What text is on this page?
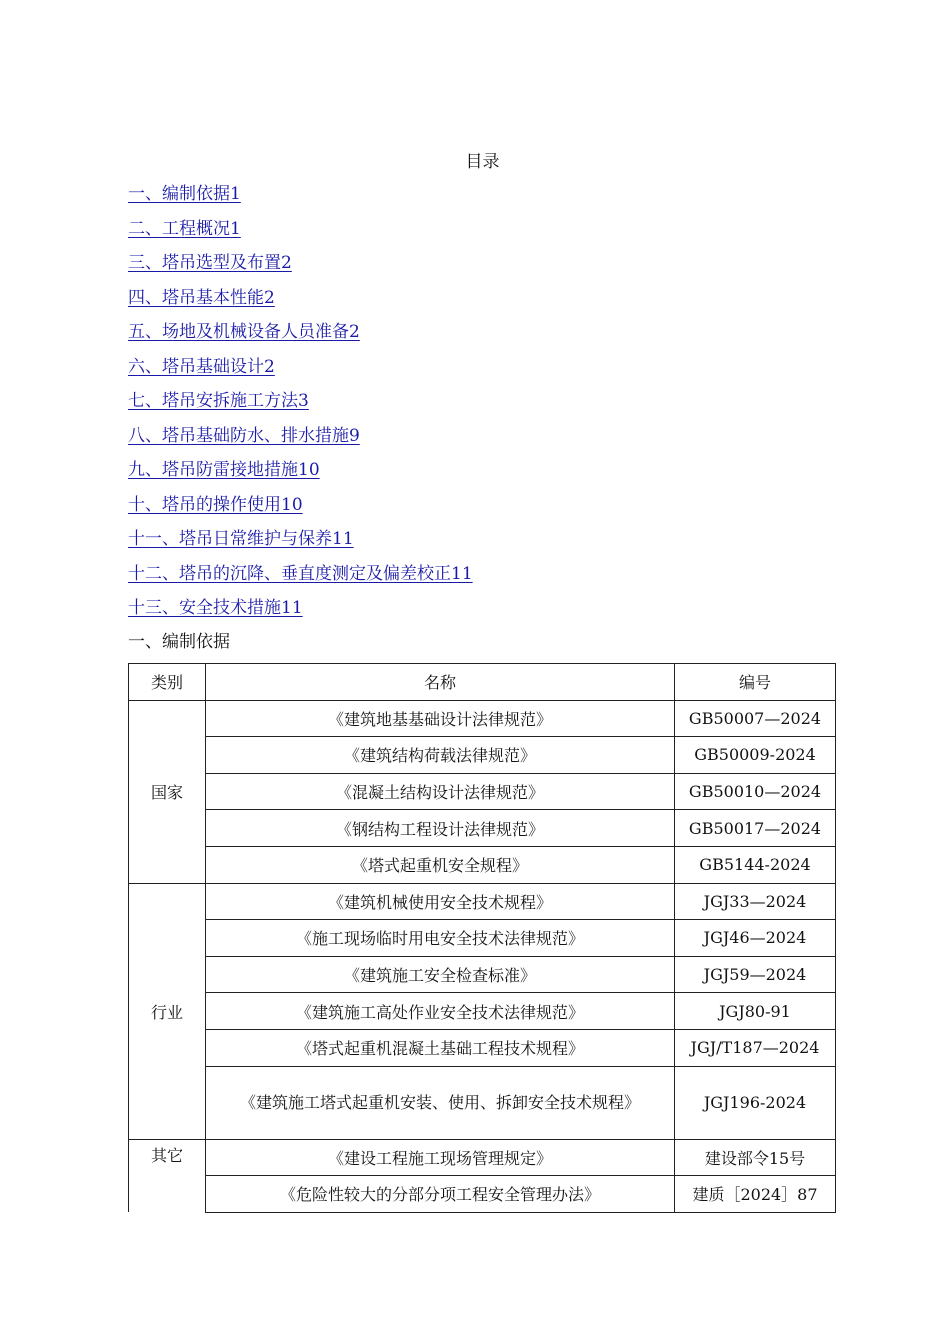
目录
一、编制依据1
二、工程概况1
三、塔吊选型及布置2
四、塔吊基本性能2
五、场地及机械设备人员准备2
六、塔吊基础设计2
七、塔吊安拆施工方法3
八、塔吊基础防水、排水措施9
九、塔吊防雷接地措施10
十、塔吊的操作使用10
十一、塔吊日常维护与保养11
十二、塔吊的沉降、垂直度测定及偏差校正11
十三、安全技术措施11
一、编制依据
类别	名称	编号
国家	《建筑地基基础设计法律规范》	GB50007—2024
	《建筑结构荷载法律规范》	GB50009-2024
	《混凝土结构设计法律规范》	GB50010—2024
	《钢结构工程设计法律规范》	GB50017—2024
	《塔式起重机安全规程》	GB5144-2024
行业	《建筑机械使用安全技术规程》	JGJ33—2024
	《施工现场临时用电安全技术法律规范》	JGJ46—2024
	《建筑施工安全检查标准》	JGJ59—2024
	《建筑施工高处作业安全技术法律规范》	JGJ80-91
	《塔式起重机混凝土基础工程技术规程》	JGJ/T187—2024
	《建筑施工塔式起重机安装、使用、拆卸安全技术规程》	JGJ196-2024
其它	《建设工程施工现场管理规定》	建设部令15号
	《危险性较大的分部分项工程安全管理办法》	建质［2024］87
